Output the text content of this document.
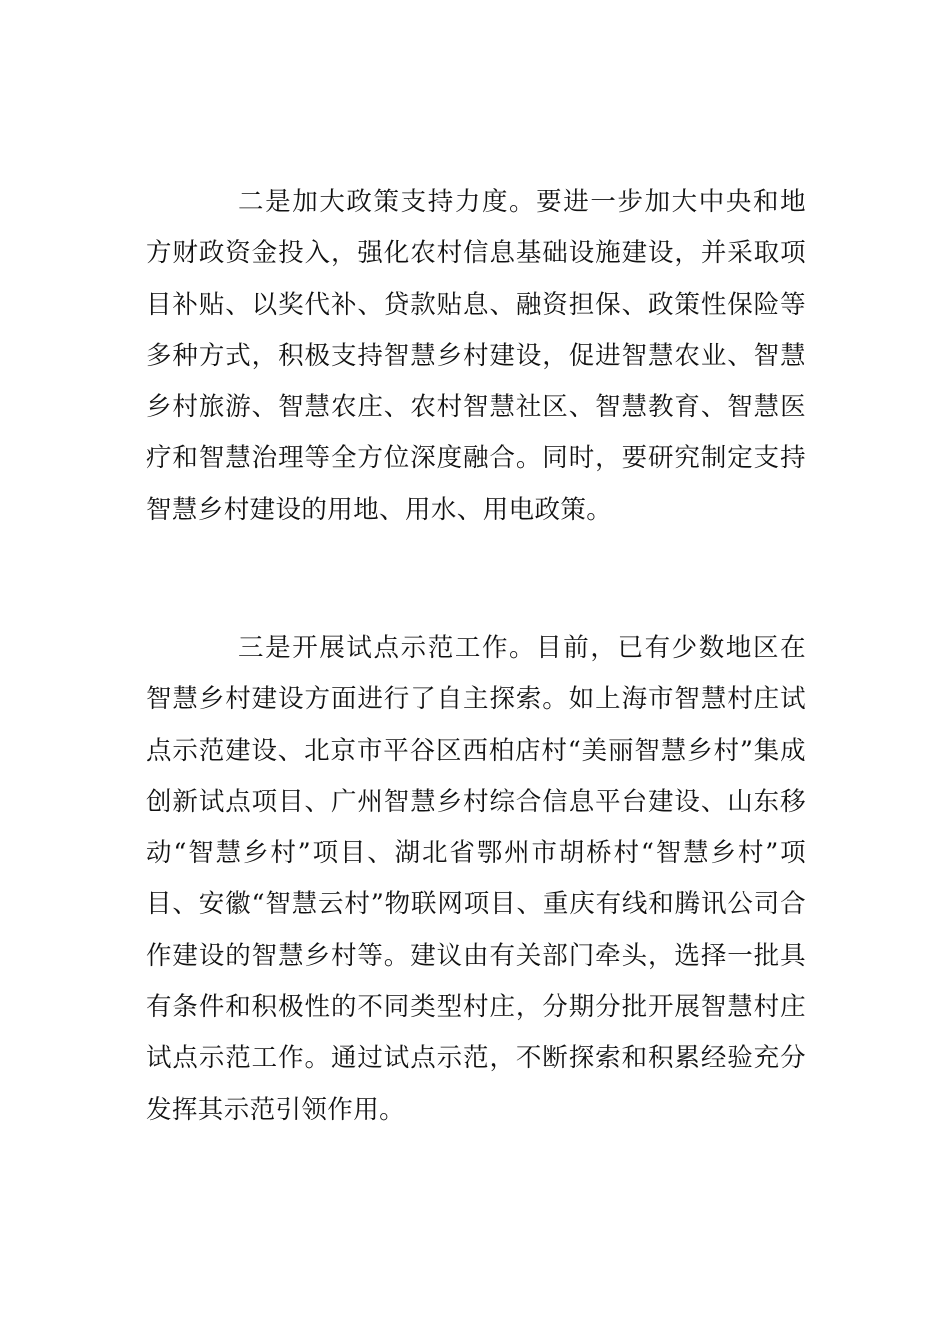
二是加大政策支持力度。要进一步加大中央和地方财政资金投入，强化农村信息基础设施建设，并采取项目补贴、以奖代补、贷款贴息、融资担保、政策性保险等多种方式，积极支持智慧乡村建设，促进智慧农业、智慧乡村旅游、智慧农庄、农村智慧社区、智慧教育、智慧医疗和智慧治理等全方位深度融合。同时，要研究制定支持智慧乡村建设的用地、用水、用电政策。

三是开展试点示范工作。目前，已有少数地区在智慧乡村建设方面进行了自主探索。如上海市智慧村庄试点示范建设、北京市平谷区西柏店村“美丽智慧乡村”集成创新试点项目、广州智慧乡村综合信息平台建设、山东移动“智慧乡村”项目、湖北省鄂州市胡桥村“智慧乡村”项目、安徽“智慧云村”物联网项目、重庆有线和腾讯公司合作建设的智慧乡村等。建议由有关部门牵头，选择一批具有条件和积极性的不同类型村庄，分期分批开展智慧村庄试点示范工作。通过试点示范，不断探索和积累经验充分发挥其示范引领作用。
